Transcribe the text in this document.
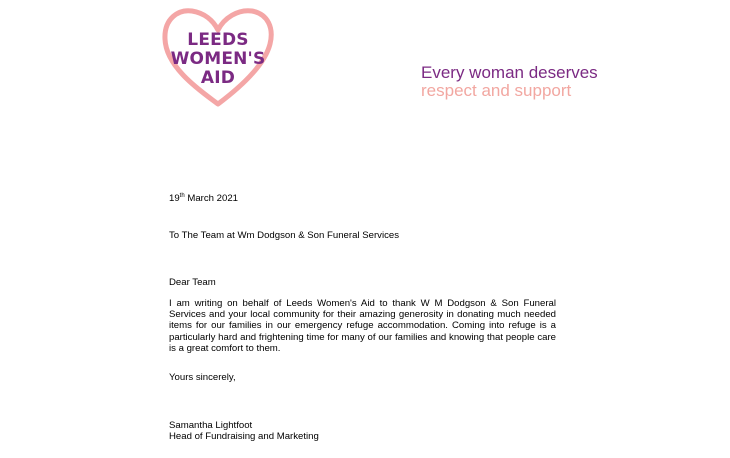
LEEDS
WOMEN'S
AID	Every woman deserves
respect and support
19th March 2021
To The Team at Wm Dodgson & Son Funeral Services
Dear Team
I am writing on behalf of Leeds Women's Aid to thank W M Dodgson & Son Funeral Services and your local community for their amazing generosity in donating much needed items for our families in our emergency refuge accommodation. Coming into refuge is a particularly hard and frightening time for many of our families and knowing that people care is a great comfort to them.
Yours sincerely,
Samantha Lightfoot
Head of Fundraising and Marketing
